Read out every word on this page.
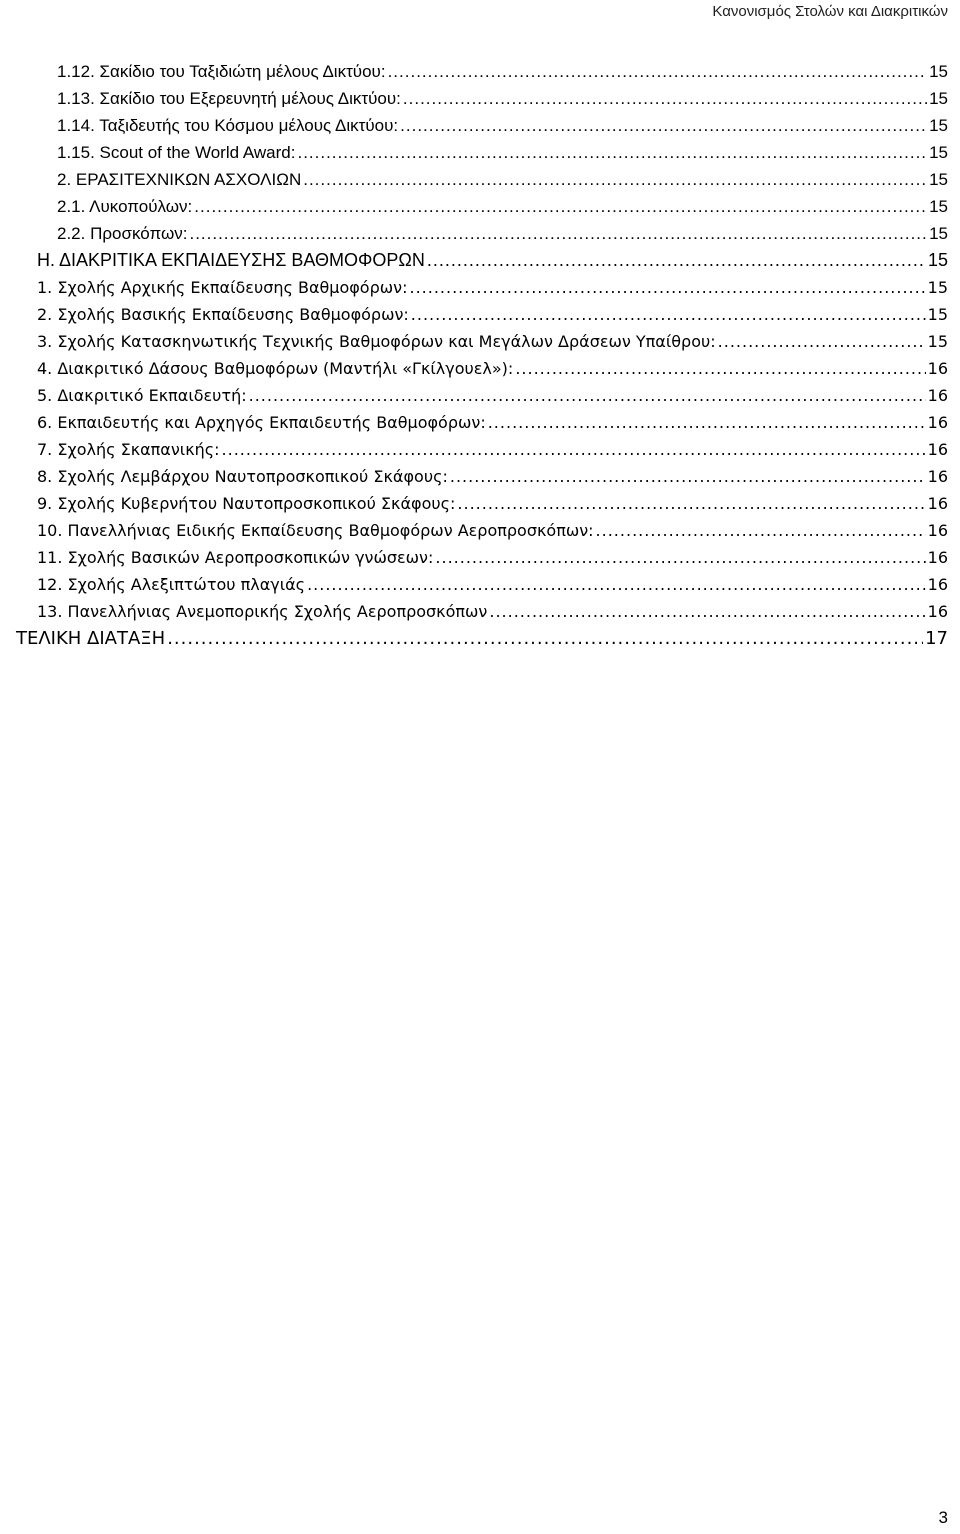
Κανονισμός Στολών και Διακριτικών
1.12. Σακίδιο του Ταξιδιώτη μέλους Δικτύου: .....	15
1.13. Σακίδιο του Εξερευνητή μέλους Δικτύου: .....	15
1.14. Ταξιδευτής του Κόσμου μέλους Δικτύου: .....	15
1.15. Scout of the World Award: .....	15
2. ΕΡΑΣΙΤΕΧΝΙΚΩΝ ΑΣΧΟΛΙΩΝ .....	15
2.1. Λυκοπούλων: .....	15
2.2. Προσκόπων: .....	15
Η. ΔΙΑΚΡΙΤΙΚΑ ΕΚΠΑΙΔΕΥΣΗΣ ΒΑΘΜΟΦΟΡΩΝ .....	15
1. Σχολής Αρχικής Εκπαίδευσης Βαθμοφόρων: .....	15
2. Σχολής Βασικής Εκπαίδευσης Βαθμοφόρων: .....	15
3. Σχολής Κατασκηνωτικής Τεχνικής Βαθμοφόρων και Μεγάλων Δράσεων Υπαίθρου: .....	15
4. Διακριτικό Δάσους Βαθμοφόρων (Μαντήλι «Γκίλγουελ»): .....	16
5. Διακριτικό Εκπαιδευτή: .....	16
6. Εκπαιδευτής και Αρχηγός Εκπαιδευτής Βαθμοφόρων: .....	16
7. Σχολής Σκαπανικής: .....	16
8. Σχολής Λεμβάρχου Ναυτοπροσκοπικού Σκάφους: .....	16
9. Σχολής Κυβερνήτου Ναυτοπροσκοπικού Σκάφους: .....	16
10. Πανελλήνιας Ειδικής Εκπαίδευσης Βαθμοφόρων Αεροπροσκόπων: .....	16
11. Σχολής Βασικών Αεροπροσκοπικών γνώσεων: .....	16
12. Σχολής Αλεξιπτώτου πλαγιάς .....	16
13. Πανελλήνιας Ανεμοπορικής Σχολής Αεροπροσκόπων .....	16
ΤΕΛΙΚΗ ΔΙΑΤΑΞΗ .....	17
3
